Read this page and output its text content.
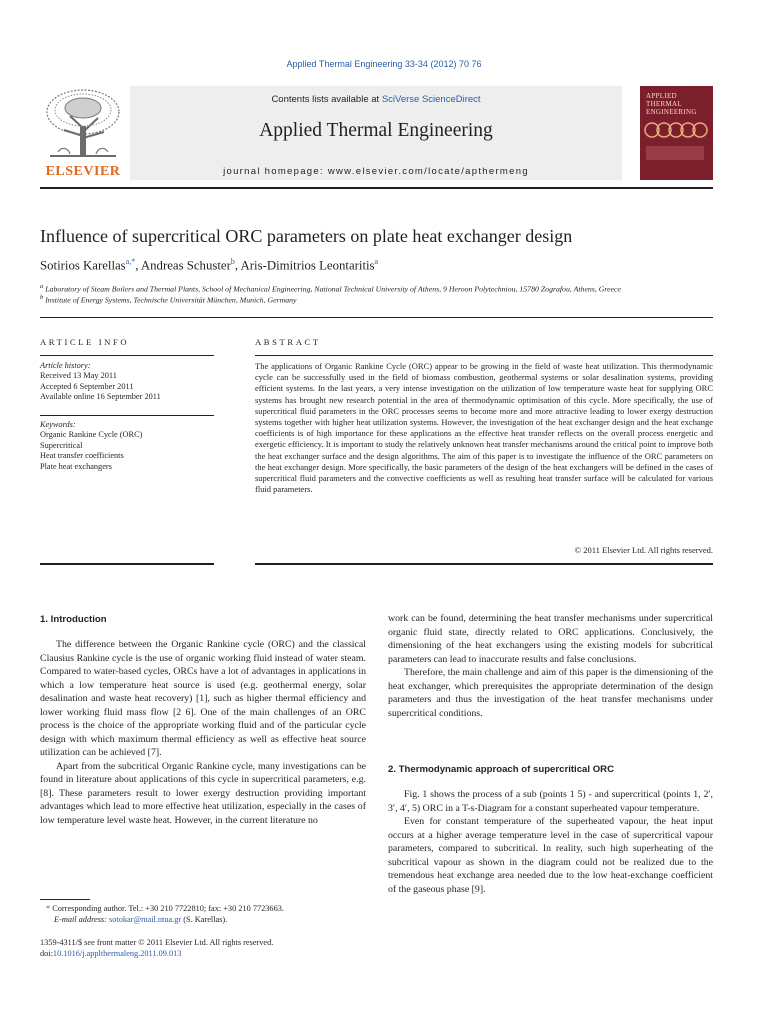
Applied Thermal Engineering 33-34 (2012) 70 76
ELSEVIER
Contents lists available at SciVerse ScienceDirect
Applied Thermal Engineering
journal homepage: www.elsevier.com/locate/apthermeng
APPLIED
THERMAL
ENGINEERING
Influence of supercritical ORC parameters on plate heat exchanger design
Sotirios Karellas$^{a,*}$, Andreas Schuster$^b$, Aris-Dimitrios Leontaritis$^a$
$^a$ Laboratory of Steam Boilers and Thermal Plants, School of Mechanical Engineering, National Technical University of Athens, 9 Heroon Polytechniou, 15780 Zografou, Athens, Greece
$^b$ Institute of Energy Systems, Technische Universität München, Munich, Germany
ARTICLE INFO
Article history:
Received 13 May 2011
Accepted 6 September 2011
Available online 16 September 2011
Keywords:
Organic Rankine Cycle (ORC)
Supercritical
Heat transfer coefficients
Plate heat exchangers
ABSTRACT
The applications of Organic Rankine Cycle (ORC) appear to be growing in the field of waste heat utilization. This thermodynamic cycle can be successfully used in the field of biomass combustion, geothermal systems or solar desalination systems, providing efficient systems. In the last years, a very intense investigation on the utilization of low temperature waste heat for supplying ORC systems has brought new research potential in the area of thermodynamic optimisation of this cycle. More specifically, the use of supercritical fluid parameters in the ORC processes seems to become more and more attractive leading to lower exergy destruction systems together with higher heat utilization systems. However, the investigation of the heat exchanger design and the heat exchange coefficients is of high importance for these applications as the effective heat transfer reflects on the overall process energetic and exergetic efficiency. It is important to study the relatively unknown heat transfer mechanisms around the critical point to improve both the heat exchanger surface and the design algorithms. The aim of this paper is to investigate the influence of the ORC parameters on the heat exchanger design. More specifically, the basic parameters of the design of the heat exchangers will be defined in the cases of supercritical fluid parameters and the convective coefficients as well as resulting heat transfer surface will be calculated for various fluid parameters.
© 2011 Elsevier Ltd. All rights reserved.
1. Introduction

The difference between the Organic Rankine cycle (ORC) and the classical Clausius Rankine cycle is the use of organic working fluid instead of water steam. Compared to water-based cycles, ORCs have a lot of advantages in applications in which a low temperature heat source is used (e.g. geothermal energy, solar desalination and waste heat recovery) [1], such as higher thermal efficiency and lower working fluid mass flow [2 6]. One of the main challenges of an ORC process is the choice of the appropriate working fluid and of the particular cycle design with which maximum thermal efficiency as well as effective heat source utilization can be achieved [7].

Apart from the subcritical Organic Rankine cycle, many investigations can be found in literature about applications of this cycle in supercritical parameters, e.g. [8]. These parameters result to lower exergy destruction providing important advantages which lead to more effective heat utilization, especially in the cases of low temperature level waste heat. However, in the current literature no

work can be found, determining the heat transfer mechanisms under supercritical organic fluid state, directly related to ORC applications. Conclusively, the dimensioning of the heat exchangers using the existing models for subcritical parameters can lead to inaccurate results and false conclusions.

Therefore, the main challenge and aim of this paper is the dimensioning of the heat exchanger, which prerequisites the appropriate determination of the design parameters and thus the investigation of the heat transfer mechanisms under supercritical conditions.

2. Thermodynamic approach of supercritical ORC

Fig. 1 shows the process of a sub (points 1 5) - and supercritical (points 1, 2′, 3′, 4′, 5) ORC in a T-s-Diagram for a constant superheated vapour temperature.

Even for constant temperature of the superheated vapour, the heat input occurs at a higher average temperature level in the case of supercritical vapour parameters, compared to subcritical. In reality, such high superheating of the subcritical vapour as shown in the diagram could not be realized due to the tremendous heat exchange area needed due to the low heat-exchange coefficient of the gaseous phase [9].

* Corresponding author. Tel.: +30 210 7722810; fax: +30 210 7723663.
E-mail address: sotokar@mail.ntua.gr (S. Karellas).
1359-4311/$ see front matter © 2011 Elsevier Ltd. All rights reserved.
doi:10.1016/j.applthermaleng.2011.09.013
